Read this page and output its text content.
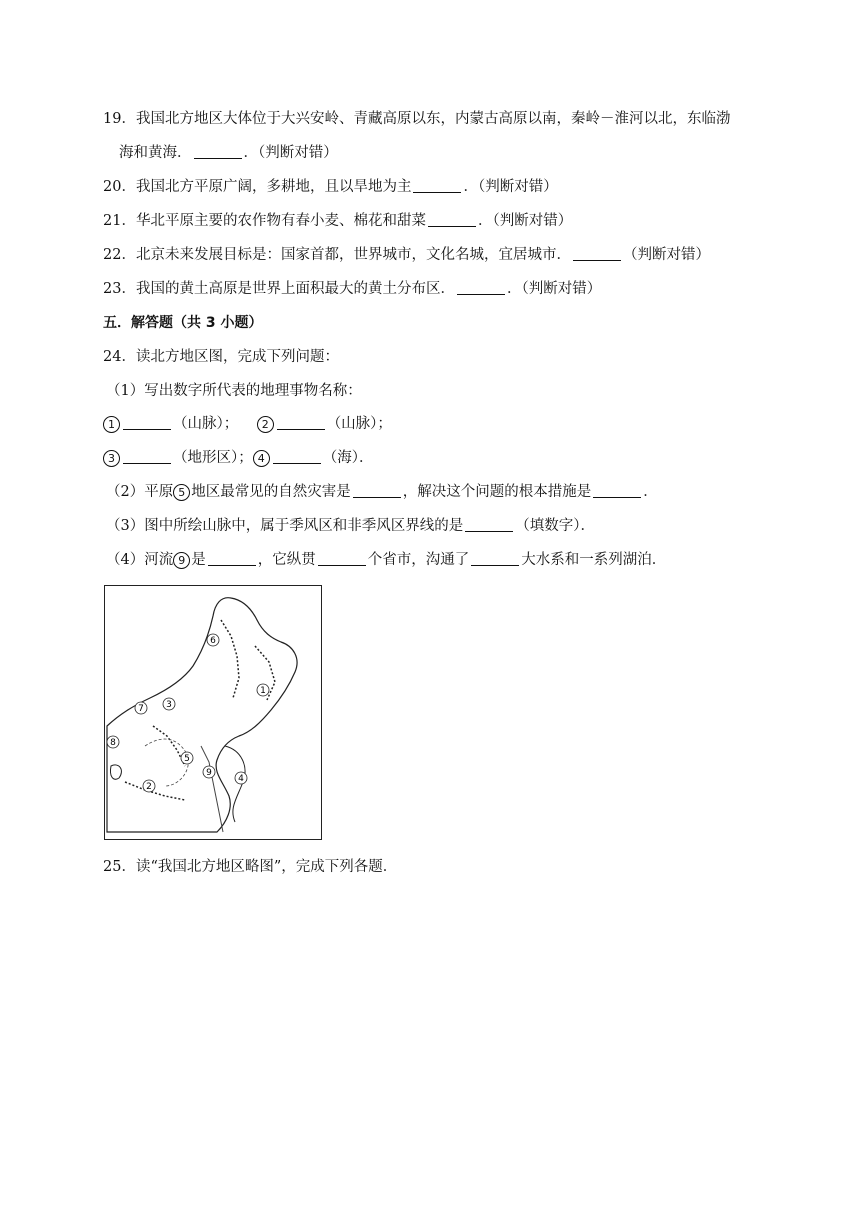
19．我国北方地区大体位于大兴安岭、青藏高原以东，内蒙古高原以南，秦岭－淮河以北，东临渤
海和黄海．	．（判断对错）
20．我国北方平原广阔，多耕地，且以旱地为主	．（判断对错）
21．华北平原主要的农作物有春小麦、棉花和甜菜	．（判断对错）
22．北京未来发展目标是：国家首都，世界城市，文化名城，宜居城市．	（判断对错）
23．我国的黄土高原是世界上面积最大的黄土分布区．	．（判断对错）
五．解答题（共 3 小题）
24．读北方地区图，完成下列问题：
（1）写出数字所代表的地理事物名称：
1	（山脉）； 2	（山脉）；
3	（地形区）； 4	（海）．
（2）平原 5 地区最常见的自然灾害是	，解决这个问题的根本措施是	．
（3）图中所绘山脉中，属于季风区和非季风区界线的是	（填数字）．
（4）河流 9 是	，它纵贯	个省市，沟通了	大水系和一系列湖泊．
1
2
3
4
5
6
7
8
9
25．读“我国北方地区略图”，完成下列各题．
